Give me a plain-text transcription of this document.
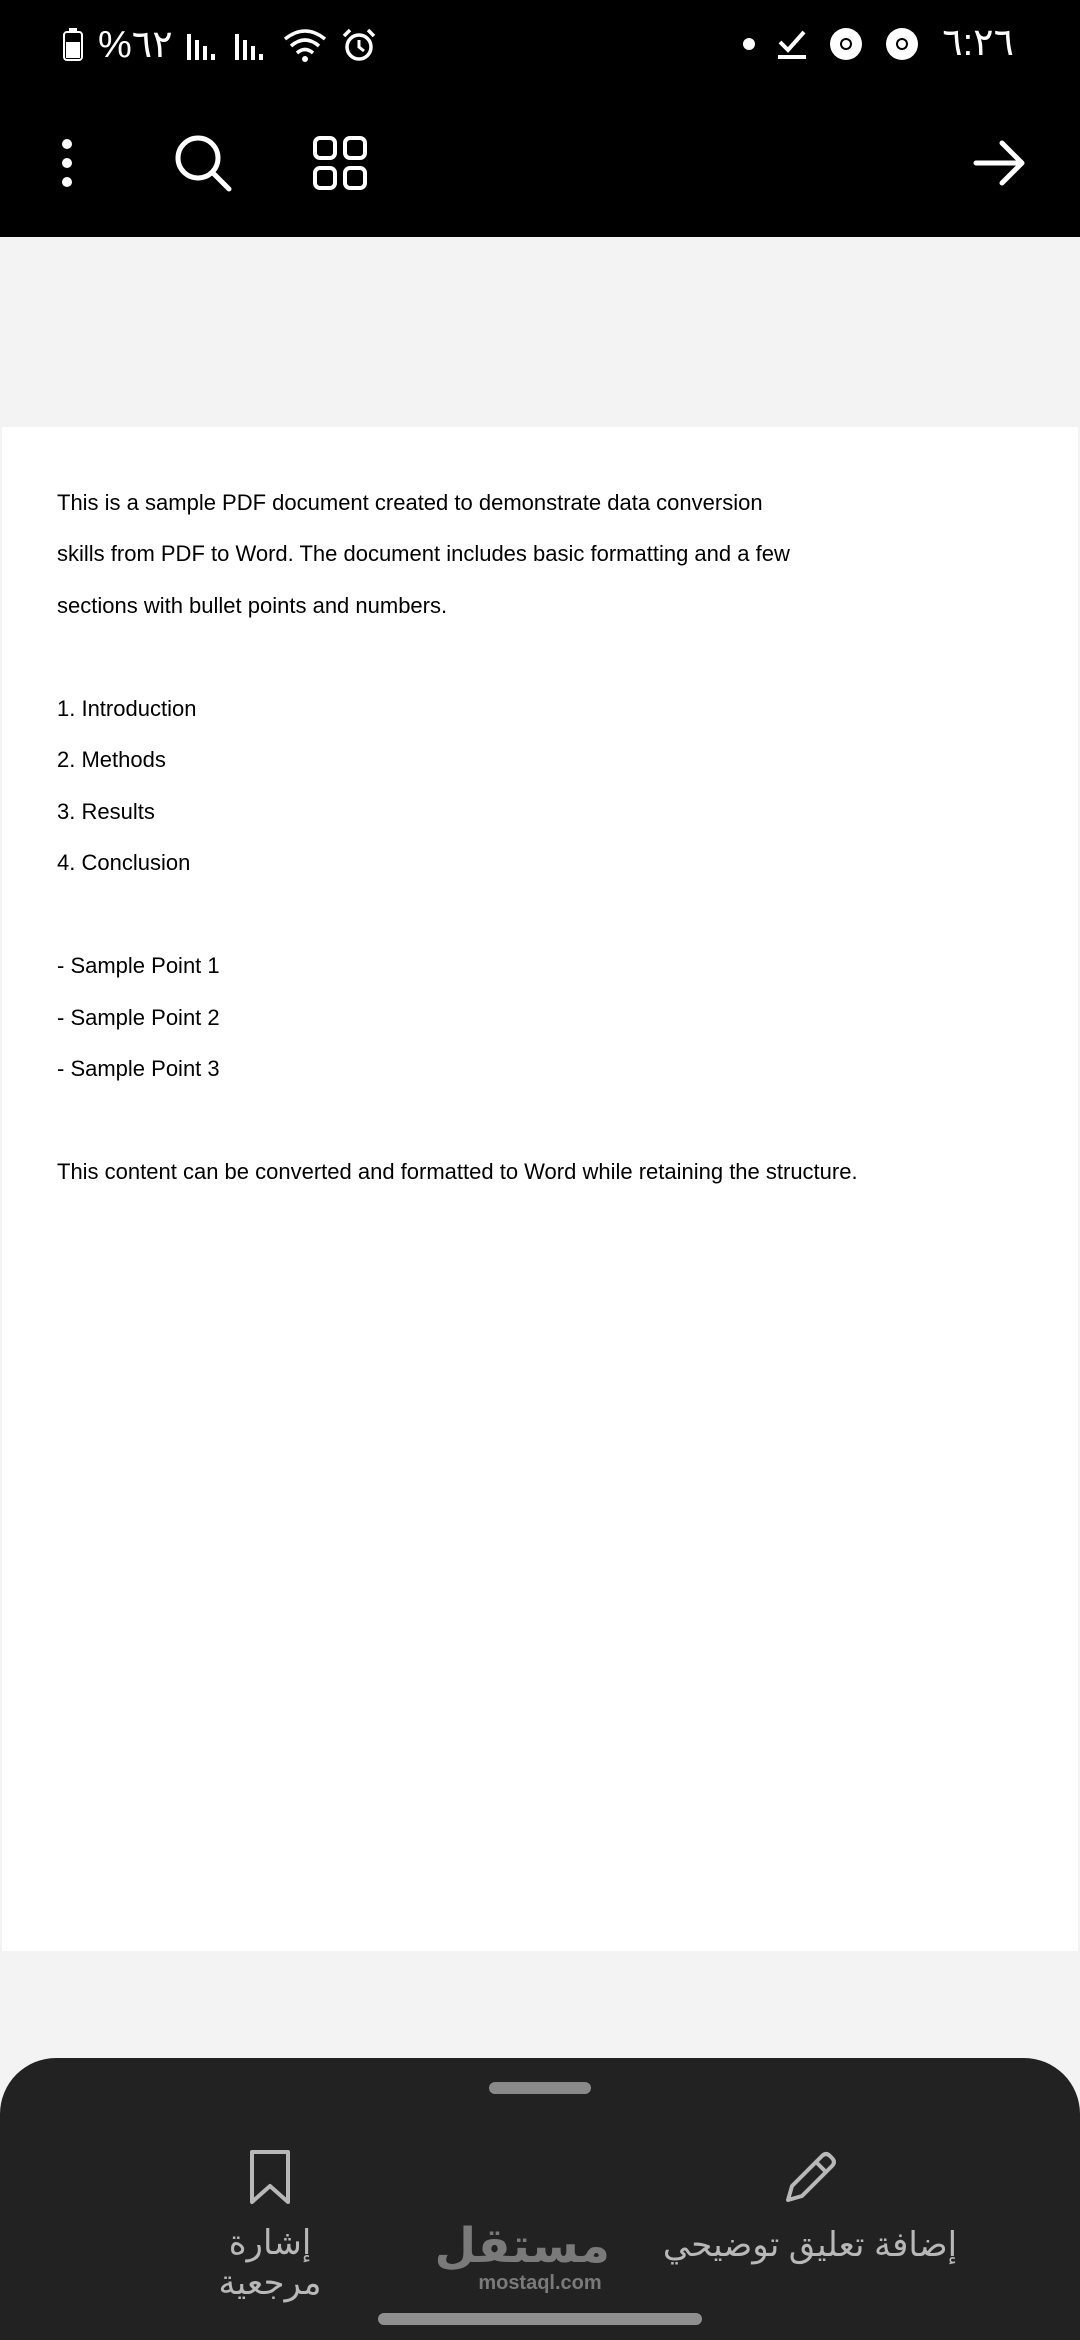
%٦٢	٦:٢٦
This is a sample PDF document created to demonstrate data conversion
skills from PDF to Word. The document includes basic formatting and a few
sections with bullet points and numbers.
1. Introduction
2. Methods
3. Results
4. Conclusion
- Sample Point 1
- Sample Point 2
- Sample Point 3
This content can be converted and formatted to Word while retaining the structure.
إشارة مرجعية
إضافة تعليق توضيحي
مستقل
mostaql.com
